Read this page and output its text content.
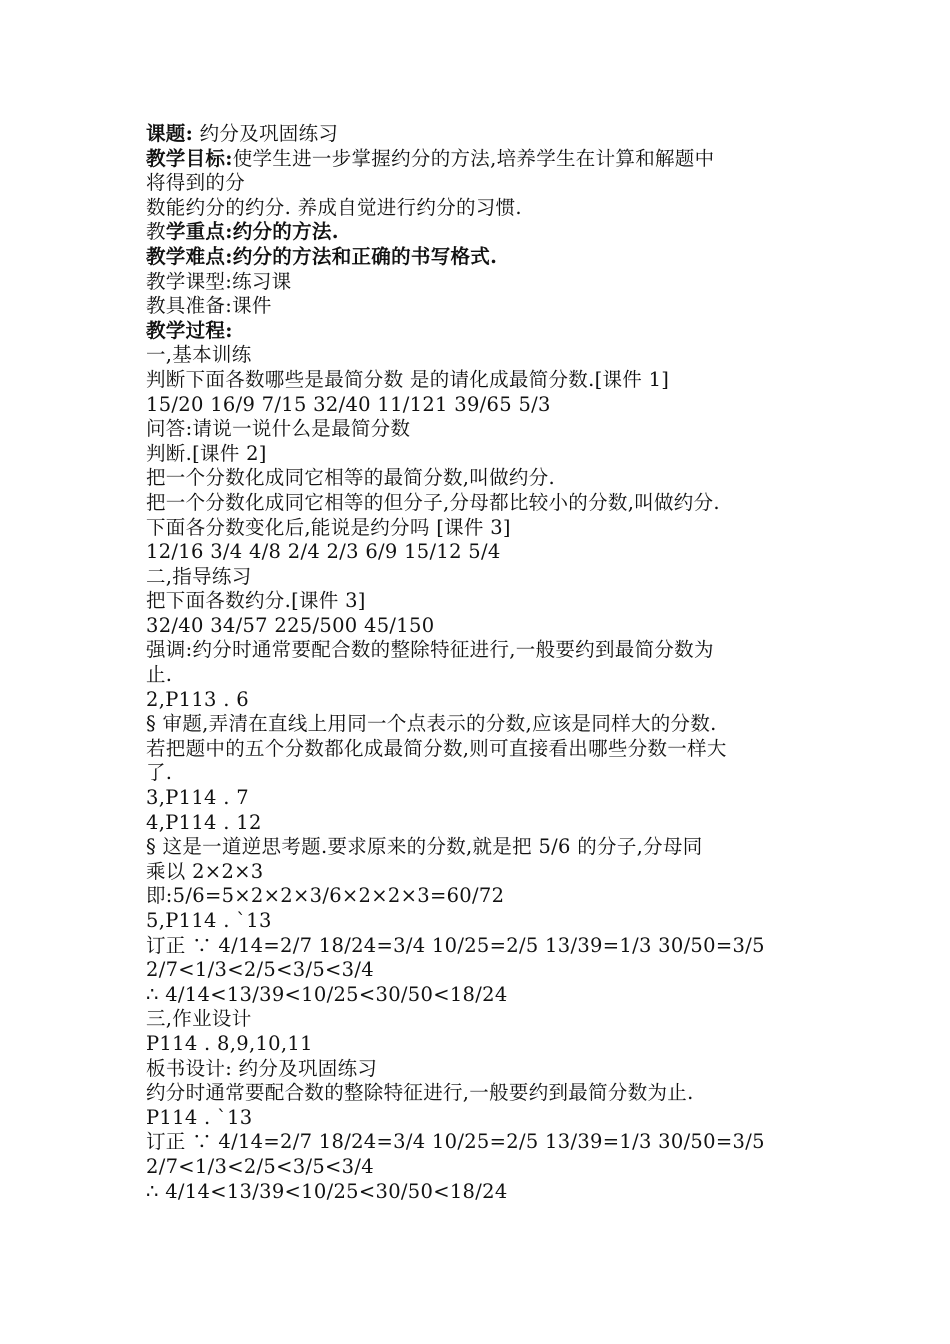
课题: 约分及巩固练习
教学目标:使学生进一步掌握约分的方法,培养学生在计算和解题中
将得到的分
数能约分的约分. 养成自觉进行约分的习惯.
教学重点:约分的方法.
教学难点:约分的方法和正确的书写格式.
教学课型:练习课
教具准备:课件
教学过程:
一,基本训练
判断下面各数哪些是最简分数 是的请化成最简分数.[课件 1]
15/20 16/9 7/15 32/40 11/121 39/65 5/3
问答:请说一说什么是最简分数
判断.[课件 2]
把一个分数化成同它相等的最简分数,叫做约分.
把一个分数化成同它相等的但分子,分母都比较小的分数,叫做约分.
下面各分数变化后,能说是约分吗 [课件 3]
12/16 3/4 4/8 2/4 2/3 6/9 15/12 5/4
二,指导练习
把下面各数约分.[课件 3]
32/40 34/57 225/500 45/150
强调:约分时通常要配合数的整除特征进行,一般要约到最简分数为
止.
2,P113 . 6
§ 审题,弄清在直线上用同一个点表示的分数,应该是同样大的分数.
若把题中的五个分数都化成最简分数,则可直接看出哪些分数一样大
了.
3,P114 . 7
4,P114 . 12
§ 这是一道逆思考题.要求原来的分数,就是把 5/6 的分子,分母同
乘以 2×2×3
即:5/6=5×2×2×3/6×2×2×3=60/72
5,P114 . `13
订正 ∵ 4/14=2/7 18/24=3/4 10/25=2/5 13/39=1/3 30/50=3/5
2/7<1/3<2/5<3/5<3/4
∴ 4/14<13/39<10/25<30/50<18/24
三,作业设计
P114 . 8,9,10,11
板书设计: 约分及巩固练习
约分时通常要配合数的整除特征进行,一般要约到最简分数为止.
P114 . `13
订正 ∵ 4/14=2/7 18/24=3/4 10/25=2/5 13/39=1/3 30/50=3/5
2/7<1/3<2/5<3/5<3/4
∴ 4/14<13/39<10/25<30/50<18/24
